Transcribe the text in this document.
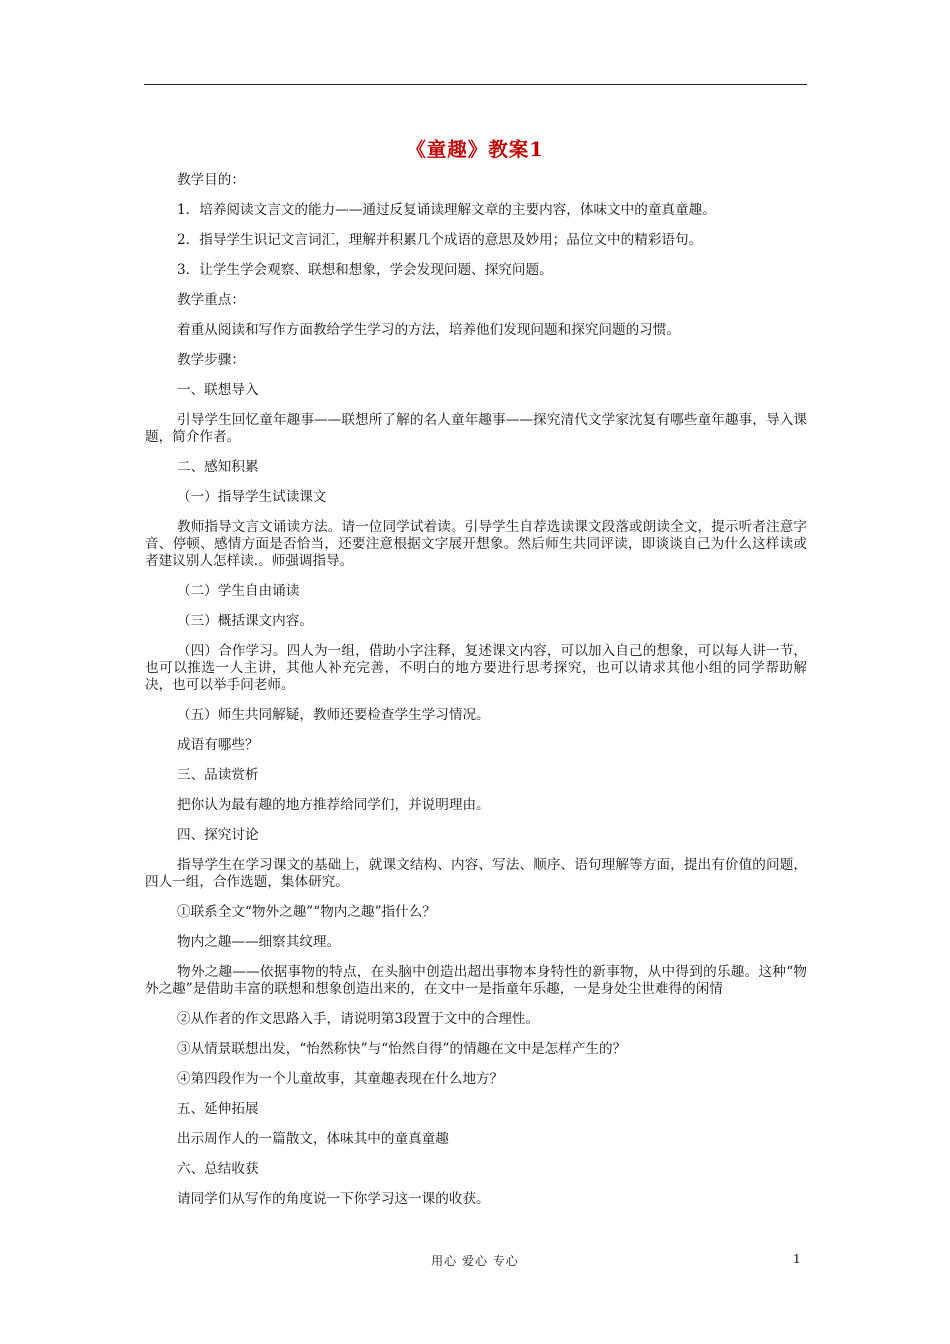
《童趣》教案1

教学目的：

1．培养阅读文言文的能力——通过反复诵读理解文章的主要内容，体味文中的童真童趣。

2．指导学生识记文言词汇，理解并积累几个成语的意思及妙用；品位文中的精彩语句。

3．让学生学会观察、联想和想象，学会发现问题、探究问题。

教学重点：

着重从阅读和写作方面教给学生学习的方法，培养他们发现问题和探究问题的习惯。

教学步骤：

一、联想导入

引导学生回忆童年趣事——联想所了解的名人童年趣事——探究清代文学家沈复有哪些童年趣事，导入课题，简介作者。

二、感知积累

（一）指导学生试读课文

教师指导文言文诵读方法。请一位同学试着读。引导学生自荐选读课文段落或朗读全文，提示听者注意字音、停顿、感情方面是否恰当，还要注意根据文字展开想象。然后师生共同评读，即谈谈自己为什么这样读或者建议别人怎样读.。师强调指导。

（二）学生自由诵读

（三）概括课文内容。

（四）合作学习。四人为一组，借助小字注释，复述课文内容，可以加入自己的想象，可以每人讲一节，也可以推选一人主讲，其他人补充完善，不明白的地方要进行思考探究，也可以请求其他小组的同学帮助解决，也可以举手问老师。

（五）师生共同解疑，教师还要检查学生学习情况。

成语有哪些？

三、品读赏析

把你认为最有趣的地方推荐给同学们，并说明理由。

四、探究讨论

指导学生在学习课文的基础上，就课文结构、内容、写法、顺序、语句理解等方面，提出有价值的问题， 四人一组，合作选题，集体研究。

①联系全文“物外之趣”“物内之趣”指什么？

物内之趣——细察其纹理。

物外之趣——依据事物的特点，在头脑中创造出超出事物本身特性的新事物，从中得到的乐趣。这种“物外之趣”是借助丰富的联想和想象创造出来的，在文中一是指童年乐趣，一是身处尘世难得的闲情

②从作者的作文思路入手，请说明第3段置于文中的合理性。

③从情景联想出发，“怡然称快”与“怡然自得”的情趣在文中是怎样产生的？

④第四段作为一个儿童故事，其童趣表现在什么地方？

五、延伸拓展

出示周作人的一篇散文，体味其中的童真童趣

六、总结收获

请同学们从写作的角度说一下你学习这一课的收获。

用心 爱心 专心	1
